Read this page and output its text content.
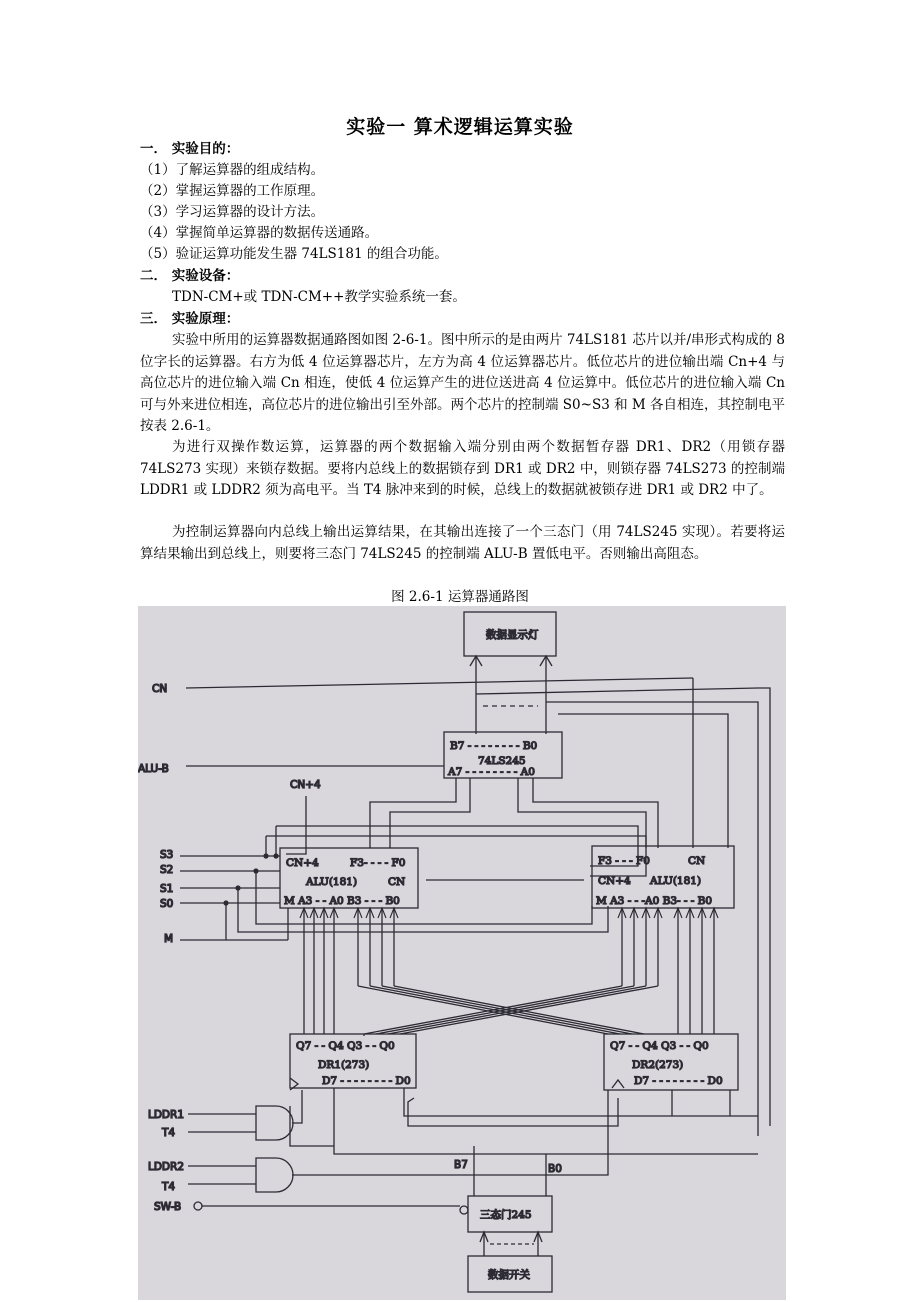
实验一 算术逻辑运算实验
一． 实验目的：
（1）了解运算器的组成结构。
（2）掌握运算器的工作原理。
（3）学习运算器的设计方法。
（4）掌握简单运算器的数据传送通路。
（5）验证运算功能发生器 74LS181 的组合功能。
二． 实验设备：
TDN-CM+或 TDN-CM++教学实验系统一套。
三． 实验原理：
实验中所用的运算器数据通路图如图 2-6-1。图中所示的是由两片 74LS181 芯片以并/串形式构成的 8 位字长的运算器。右方为低 4 位运算器芯片，左方为高 4 位运算器芯片。低位芯片的进位输出端 Cn+4 与高位芯片的进位输入端 Cn 相连，使低 4 位运算产生的进位送进高 4 位运算中。低位芯片的进位输入端 Cn 可与外来进位相连，高位芯片的进位输出引至外部。两个芯片的控制端 S0~S3 和 M 各自相连，其控制电平按表 2.6-1。
为进行双操作数运算，运算器的两个数据输入端分别由两个数据暂存器 DR1、DR2（用锁存器 74LS273 实现）来锁存数据。要将内总线上的数据锁存到 DR1 或 DR2 中，则锁存器 74LS273 的控制端 LDDR1 或 LDDR2 须为高电平。当 T4 脉冲来到的时候，总线上的数据就被锁存进 DR1 或 DR2 中了。
为控制运算器向内总线上输出运算结果，在其输出连接了一个三态门（用 74LS245 实现）。若要将运算结果输出到总线上，则要将三态门 74LS245 的控制端 ALU-B 置低电平。否则输出高阻态。
图 2.6-1 运算器通路图
数据显示灯
CN
ALU-B
B7 - - - - - - - - B0
74LS245
A7 - - - - - - - - A0
CN+4
CN+4	F3- - - - F0
ALU(181)	CN
M A3 - - A0 B3 - - - B0
F3 - - - F0	CN
CN+4 ALU(181)
M A3 - - -A0 B3- - - B0
S3
S2
S1
S0
M
Q7 - - Q4 Q3 - - Q0
DR1(273)
D7 - - - - - - - - D0
Q7 - - Q4 Q3 - - Q0
DR2(273)
D7 - - - - - - - - D0
LDDR1
T4
LDDR2
T4
B7	B0
SW-B
三态门245
数据开关
